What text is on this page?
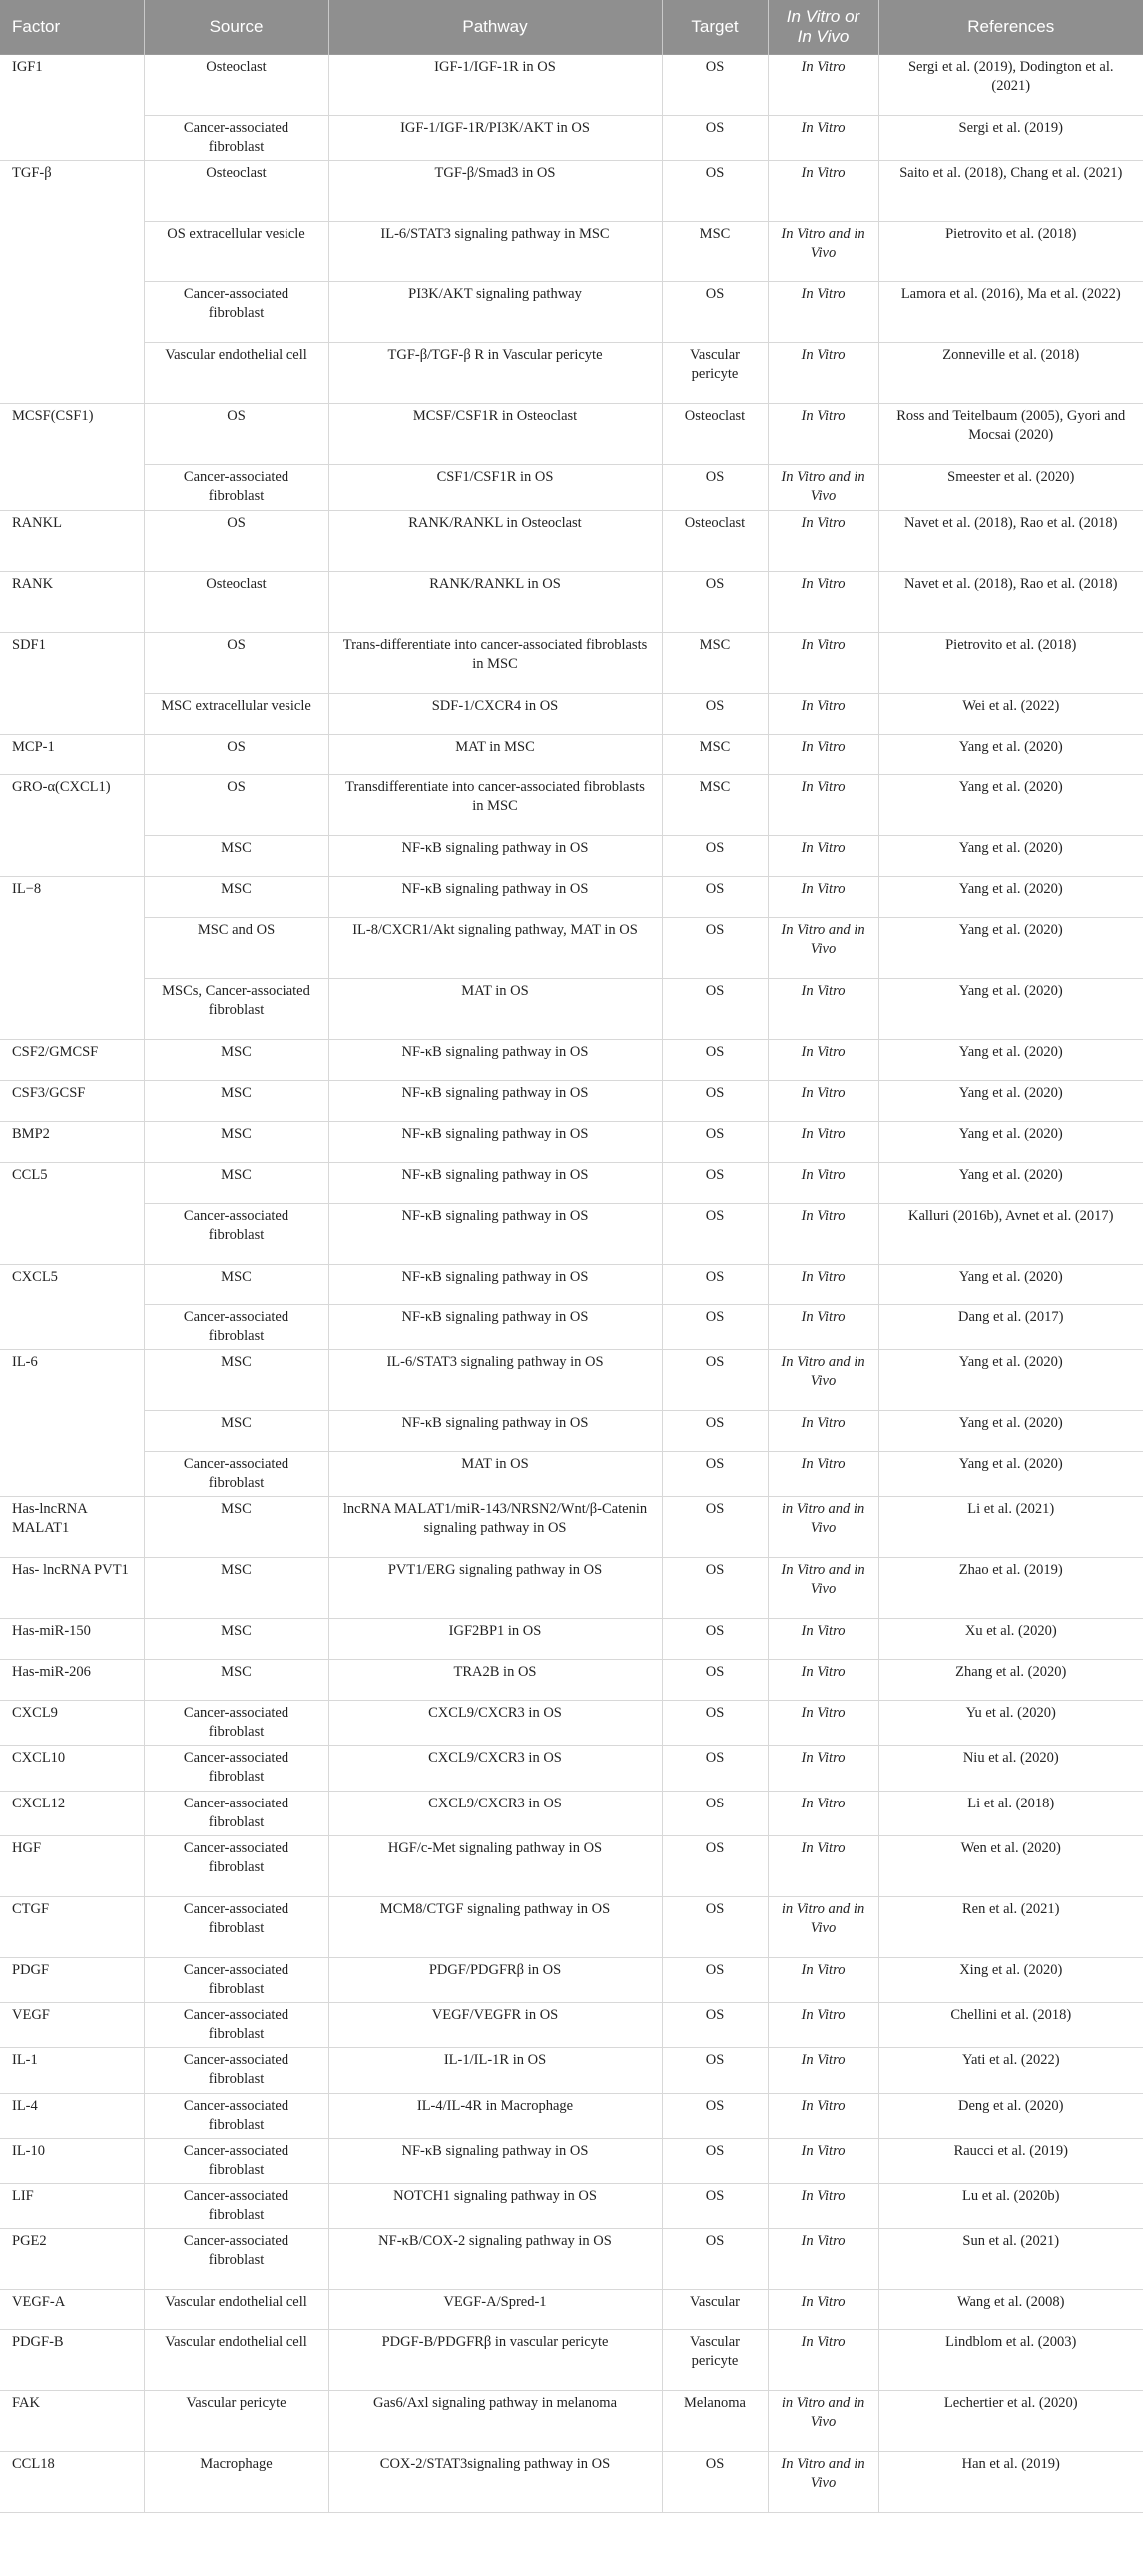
Factor	Source	Pathway	Target	In Vitro or In Vivo	References
IGF1	Osteoclast	IGF-1/IGF-1R in OS	OS	In Vitro	Sergi et al. (2019), Dodington et al. (2021)
	Cancer-associated fibroblast	IGF-1/IGF-1R/PI3K/AKT in OS	OS	In Vitro	Sergi et al. (2019)
TGF-β	Osteoclast	TGF-β/Smad3 in OS	OS	In Vitro	Saito et al. (2018), Chang et al. (2021)
	OS extracellular vesicle	IL-6/STAT3 signaling pathway in MSC	MSC	In Vitro and in Vivo	Pietrovito et al. (2018)
	Cancer-associated fibroblast	PI3K/AKT signaling pathway	OS	In Vitro	Lamora et al. (2016), Ma et al. (2022)
	Vascular endothelial cell	TGF-β/TGF-β R in Vascular pericyte	Vascular pericyte	In Vitro	Zonneville et al. (2018)
MCSF(CSF1)	OS	MCSF/CSF1R in Osteoclast	Osteoclast	In Vitro	Ross and Teitelbaum (2005), Gyori and Mocsai (2020)
	Cancer-associated fibroblast	CSF1/CSF1R in OS	OS	In Vitro and in Vivo	Smeester et al. (2020)
RANKL	OS	RANK/RANKL in Osteoclast	Osteoclast	In Vitro	Navet et al. (2018), Rao et al. (2018)
RANK	Osteoclast	RANK/RANKL in OS	OS	In Vitro	Navet et al. (2018), Rao et al. (2018)
SDF1	OS	Trans-differentiate into cancer-associated fibroblasts in MSC	MSC	In Vitro	Pietrovito et al. (2018)
	MSC extracellular vesicle	SDF-1/CXCR4 in OS	OS	In Vitro	Wei et al. (2022)
MCP-1	OS	MAT in MSC	MSC	In Vitro	Yang et al. (2020)
GRO-α(CXCL1)	OS	Transdifferentiate into cancer-associated fibroblasts in MSC	MSC	In Vitro	Yang et al. (2020)
	MSC	NF-κB signaling pathway in OS	OS	In Vitro	Yang et al. (2020)
IL−8	MSC	NF-κB signaling pathway in OS	OS	In Vitro	Yang et al. (2020)
	MSC and OS	IL-8/CXCR1/Akt signaling pathway, MAT in OS	OS	In Vitro and in Vivo	Yang et al. (2020)
	MSCs, Cancer-associated fibroblast	MAT in OS	OS	In Vitro	Yang et al. (2020)
CSF2/GMCSF	MSC	NF-κB signaling pathway in OS	OS	In Vitro	Yang et al. (2020)
CSF3/GCSF	MSC	NF-κB signaling pathway in OS	OS	In Vitro	Yang et al. (2020)
BMP2	MSC	NF-κB signaling pathway in OS	OS	In Vitro	Yang et al. (2020)
CCL5	MSC	NF-κB signaling pathway in OS	OS	In Vitro	Yang et al. (2020)
	Cancer-associated fibroblast	NF-κB signaling pathway in OS	OS	In Vitro	Kalluri (2016b), Avnet et al. (2017)
CXCL5	MSC	NF-κB signaling pathway in OS	OS	In Vitro	Yang et al. (2020)
	Cancer-associated fibroblast	NF-κB signaling pathway in OS	OS	In Vitro	Dang et al. (2017)
IL-6	MSC	IL-6/STAT3 signaling pathway in OS	OS	In Vitro and in Vivo	Yang et al. (2020)
	MSC	NF-κB signaling pathway in OS	OS	In Vitro	Yang et al. (2020)
	Cancer-associated fibroblast	MAT in OS	OS	In Vitro	Yang et al. (2020)
Has-lncRNA MALAT1	MSC	lncRNA MALAT1/miR-143/NRSN2/Wnt/β-Catenin signaling pathway in OS	OS	in Vitro and in Vivo	Li et al. (2021)
Has- lncRNA PVT1	MSC	PVT1/ERG signaling pathway in OS	OS	In Vitro and in Vivo	Zhao et al. (2019)
Has-miR-150	MSC	IGF2BP1 in OS	OS	In Vitro	Xu et al. (2020)
Has-miR-206	MSC	TRA2B in OS	OS	In Vitro	Zhang et al. (2020)
CXCL9	Cancer-associated fibroblast	CXCL9/CXCR3 in OS	OS	In Vitro	Yu et al. (2020)
CXCL10	Cancer-associated fibroblast	CXCL9/CXCR3 in OS	OS	In Vitro	Niu et al. (2020)
CXCL12	Cancer-associated fibroblast	CXCL9/CXCR3 in OS	OS	In Vitro	Li et al. (2018)
HGF	Cancer-associated fibroblast	HGF/c-Met signaling pathway in OS	OS	In Vitro	Wen et al. (2020)
CTGF	Cancer-associated fibroblast	MCM8/CTGF signaling pathway in OS	OS	in Vitro and in Vivo	Ren et al. (2021)
PDGF	Cancer-associated fibroblast	PDGF/PDGFRβ in OS	OS	In Vitro	Xing et al. (2020)
VEGF	Cancer-associated fibroblast	VEGF/VEGFR in OS	OS	In Vitro	Chellini et al. (2018)
IL-1	Cancer-associated fibroblast	IL-1/IL-1R in OS	OS	In Vitro	Yati et al. (2022)
IL-4	Cancer-associated fibroblast	IL-4/IL-4R in Macrophage	OS	In Vitro	Deng et al. (2020)
IL-10	Cancer-associated fibroblast	NF-κB signaling pathway in OS	OS	In Vitro	Raucci et al. (2019)
LIF	Cancer-associated fibroblast	NOTCH1 signaling pathway in OS	OS	In Vitro	Lu et al. (2020b)
PGE2	Cancer-associated fibroblast	NF-κB/COX-2 signaling pathway in OS	OS	In Vitro	Sun et al. (2021)
VEGF-A	Vascular endothelial cell	VEGF-A/Spred-1	Vascular	In Vitro	Wang et al. (2008)
PDGF-B	Vascular endothelial cell	PDGF-B/PDGFRβ in vascular pericyte	Vascular pericyte	In Vitro	Lindblom et al. (2003)
FAK	Vascular pericyte	Gas6/Axl signaling pathway in melanoma	Melanoma	in Vitro and in Vivo	Lechertier et al. (2020)
CCL18	Macrophage	COX-2/STAT3signaling pathway in OS	OS	In Vitro and in Vivo	Han et al. (2019)
